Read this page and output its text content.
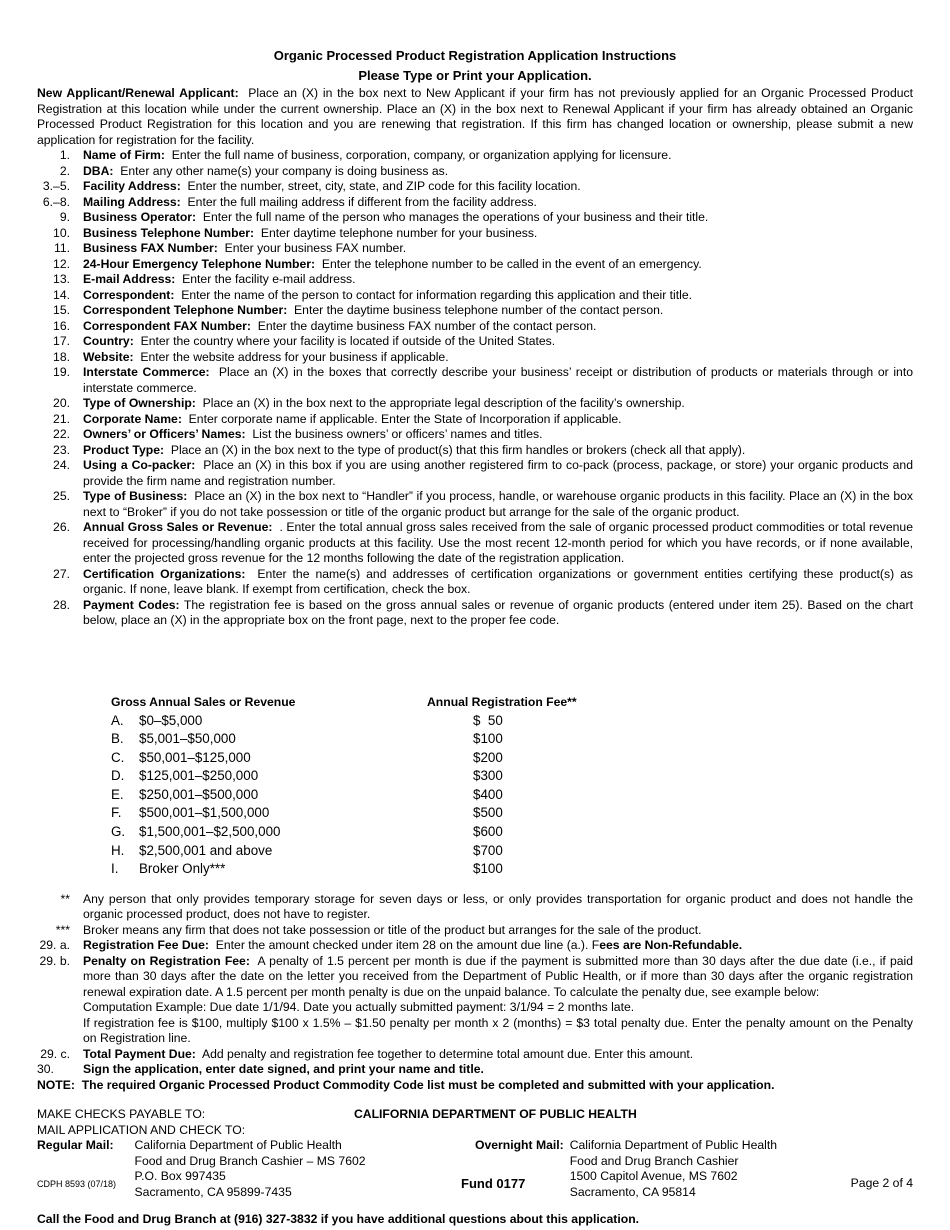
Organic Processed Product Registration Application Instructions
Please Type or Print your Application.
New Applicant/Renewal Applicant: Place an (X) in the box next to New Applicant if your firm has not previously applied for an Organic Processed Product Registration at this location while under the current ownership. Place an (X) in the box next to Renewal Applicant if your firm has already obtained an Organic Processed Product Registration for this location and you are renewing that registration. If this firm has changed location or ownership, please submit a new application for registration for the facility.
1. Name of Firm: Enter the full name of business, corporation, company, or organization applying for licensure.
2. DBA: Enter any other name(s) your company is doing business as.
3.–5. Facility Address: Enter the number, street, city, state, and ZIP code for this facility location.
6.–8. Mailing Address: Enter the full mailing address if different from the facility address.
9. Business Operator: Enter the full name of the person who manages the operations of your business and their title.
10. Business Telephone Number: Enter daytime telephone number for your business.
11. Business FAX Number: Enter your business FAX number.
12. 24-Hour Emergency Telephone Number: Enter the telephone number to be called in the event of an emergency.
13. E-mail Address: Enter the facility e-mail address.
14. Correspondent: Enter the name of the person to contact for information regarding this application and their title.
15. Correspondent Telephone Number: Enter the daytime business telephone number of the contact person.
16. Correspondent FAX Number: Enter the daytime business FAX number of the contact person.
17. Country: Enter the country where your facility is located if outside of the United States.
18. Website: Enter the website address for your business if applicable.
19. Interstate Commerce: Place an (X) in the boxes that correctly describe your business’ receipt or distribution of products or materials through or into interstate commerce.
20. Type of Ownership: Place an (X) in the box next to the appropriate legal description of the facility’s ownership.
21. Corporate Name: Enter corporate name if applicable. Enter the State of Incorporation if applicable.
22. Owners’ or Officers’ Names: List the business owners’ or officers’ names and titles.
23. Product Type: Place an (X) in the box next to the type of product(s) that this firm handles or brokers (check all that apply).
24. Using a Co-packer: Place an (X) in this box if you are using another registered firm to co-pack (process, package, or store) your organic products and provide the firm name and registration number.
25. Type of Business: Place an (X) in the box next to “Handler” if you process, handle, or warehouse organic products in this facility. Place an (X) in the box next to “Broker” if you do not take possession or title of the organic product but arrange for the sale of the organic product.
26. Annual Gross Sales or Revenue: . Enter the total annual gross sales received from the sale of organic processed product commodities or total revenue received for processing/handling organic products at this facility. Use the most recent 12-month period for which you have records, or if none available, enter the projected gross revenue for the 12 months following the date of the registration application.
27. Certification Organizations: Enter the name(s) and addresses of certification organizations or government entities certifying these product(s) as organic. If none, leave blank. If exempt from certification, check the box.
28. Payment Codes: The registration fee is based on the gross annual sales or revenue of organic products (entered under item 25). Based on the chart below, place an (X) in the appropriate box on the front page, next to the proper fee code.

Gross Annual Sales or Revenue	Annual Registration Fee**
A.	$0–$5,000	$  50
B.	$5,001–$50,000	$100
C.	$50,001–$125,000	$200
D.	$125,001–$250,000	$300
E.	$250,001–$500,000	$400
F.	$500,001–$1,500,000	$500
G.	$1,500,001–$2,500,000	$600
H.	$2,500,001 and above	$700
I.	Broker Only***	$100
** Any person that only provides temporary storage for seven days or less, or only provides transportation for organic product and does not handle the organic processed product, does not have to register.
*** Broker means any firm that does not take possession or title of the product but arranges for the sale of the product.
29. a. Registration Fee Due: Enter the amount checked under item 28 on the amount due line (a.). Fees are Non-Refundable.
29. b. Penalty on Registration Fee: A penalty of 1.5 percent per month is due if the payment is submitted more than 30 days after the due date (i.e., if paid more than 30 days after the date on the letter you received from the Department of Public Health, or if more than 30 days after the organic registration renewal expiration date. A 1.5 percent per month penalty is due on the unpaid balance. To calculate the penalty due, see example below:
Computation Example: Due date 1/1/94. Date you actually submitted payment: 3/1/94 = 2 months late.
If registration fee is $100, multiply $100 x 1.5% – $1.50 penalty per month x 2 (months) = $3 total penalty due. Enter the penalty amount on the Penalty on Registration line.
29. c. Total Payment Due: Add penalty and registration fee together to determine total amount due. Enter this amount.
30.	Sign the application, enter date signed, and print your name and title.
NOTE: The required Organic Processed Product Commodity Code list must be completed and submitted with your application.
MAKE CHECKS PAYABLE TO:	CALIFORNIA DEPARTMENT OF PUBLIC HEALTH
MAIL APPLICATION AND CHECK TO:
Regular Mail: California Department of Public Health
Food and Drug Branch Cashier – MS 7602
P.O. Box 997435
Sacramento, CA 95899-7435
Overnight Mail: California Department of Public Health
Food and Drug Branch Cashier
1500 Capitol Avenue, MS 7602
Sacramento, CA 95814
Call the Food and Drug Branch at (916) 327-3832 if you have additional questions about this application.
CDPH 8593 (07/18)	Fund 0177	Page 2 of 4
